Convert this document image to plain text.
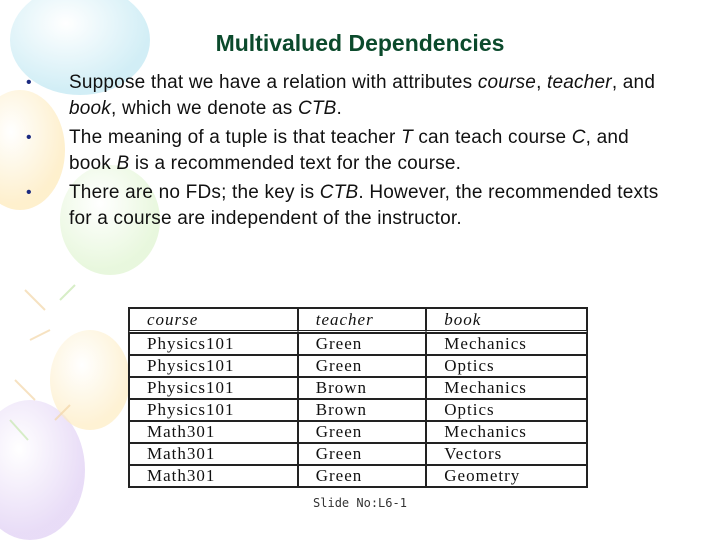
Multivalued Dependencies
•
Suppose that we have a relation with attributes course, teacher, and book, which we denote as CTB.
•
The meaning of a tuple is that teacher T can teach course C, and book B is a recommended text for the course.
•
There are no FDs; the key is CTB. However, the recommended texts for a course are independent of the instructor.
course	teacher	book
Physics101	Green	Mechanics
Physics101	Green	Optics
Physics101	Brown	Mechanics
Physics101	Brown	Optics
Math301	Green	Mechanics
Math301	Green	Vectors
Math301	Green	Geometry
Slide No:L6-1
